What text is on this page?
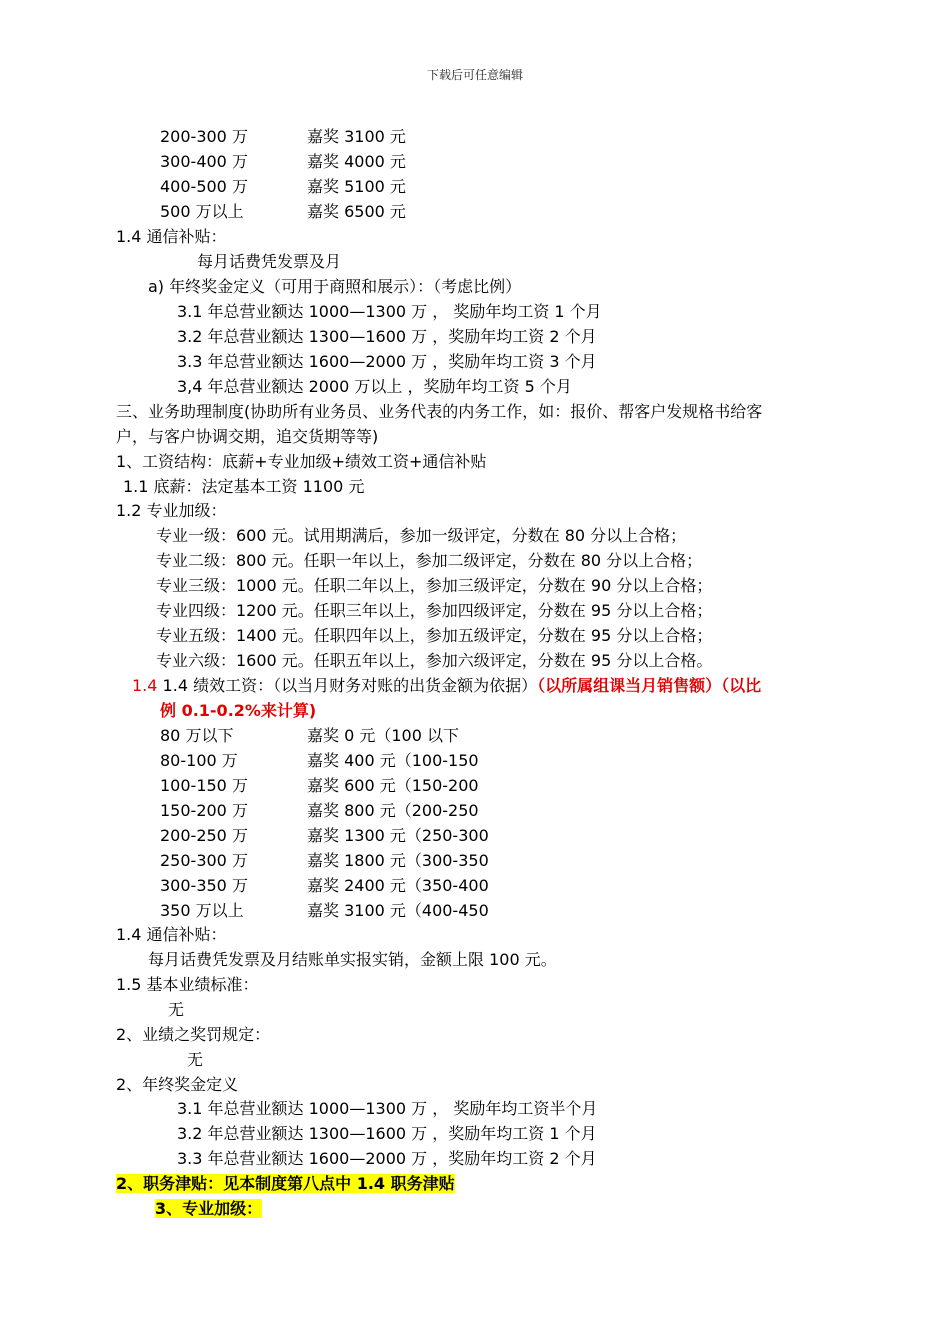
下载后可任意编辑
200-300 万	嘉奖 3100 元
300-400 万	嘉奖 4000 元
400-500 万	嘉奖 5100 元
500 万以上	嘉奖 6500 元
1.4 通信补贴：
每月话费凭发票及月
a) 年终奖金定义（可用于商照和展示）：（考虑比例）
3.1 年总营业额达 1000—1300 万 ， 奖励年均工资 1 个月
3.2 年总营业额达 1300—1600 万 ，奖励年均工资 2 个月
3.3 年总营业额达 1600—2000 万 ，奖励年均工资 3 个月
3,4 年总营业额达 2000 万以上 ，奖励年均工资 5 个月
三、业务助理制度(协助所有业务员、业务代表的内务工作，如：报价、帮客户发规格书给客
户，与客户协调交期，追交货期等等)
1、工资结构：底薪+专业加级+绩效工资+通信补贴
1.1 底薪：法定基本工资 1100 元
1.2 专业加级：
专业一级：600 元。试用期满后，参加一级评定，分数在 80 分以上合格；
专业二级：800 元。任职一年以上，参加二级评定，分数在 80 分以上合格；
专业三级：1000 元。任职二年以上，参加三级评定，分数在 90 分以上合格；
专业四级：1200 元。任职三年以上，参加四级评定，分数在 95 分以上合格；
专业五级：1400 元。任职四年以上，参加五级评定，分数在 95 分以上合格；
专业六级：1600 元。任职五年以上，参加六级评定，分数在 95 分以上合格。
1.4 1.4 绩效工资：（以当月财务对账的出货金额为依据）（以所属组课当月销售额）（以比
例 0.1-0.2%来计算)
80 万以下	嘉奖 0 元（100 以下
80-100 万	嘉奖 400 元（100-150
100-150 万	嘉奖 600 元（150-200
150-200 万	嘉奖 800 元（200-250
200-250 万	嘉奖 1300 元（250-300
250-300 万	嘉奖 1800 元（300-350
300-350 万	嘉奖 2400 元（350-400
350 万以上	嘉奖 3100 元（400-450
1.4 通信补贴：
每月话费凭发票及月结账单实报实销，金额上限 100 元。
1.5 基本业绩标准：
无
2、业绩之奖罚规定：
无
2、年终奖金定义
3.1 年总营业额达 1000—1300 万 ， 奖励年均工资半个月
3.2 年总营业额达 1300—1600 万 ，奖励年均工资 1 个月
3.3 年总营业额达 1600—2000 万 ，奖励年均工资 2 个月
2、职务津贴：见本制度第八点中 1.4 职务津贴
3、专业加级：
